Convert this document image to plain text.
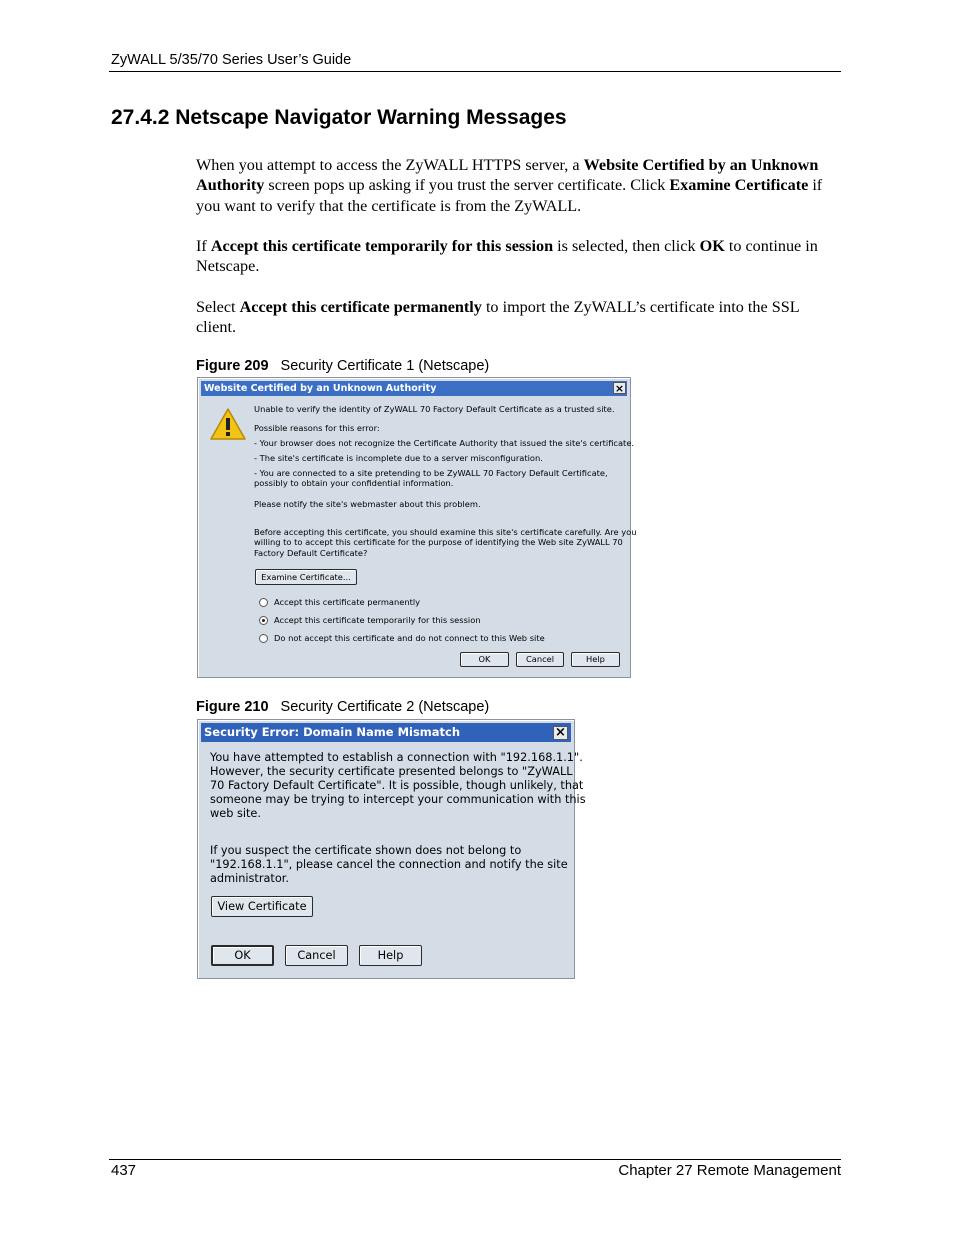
ZyWALL 5/35/70 Series User’s Guide
27.4.2 Netscape Navigator Warning Messages

When you attempt to access the ZyWALL HTTPS server, a Website Certified by an Unknown Authority screen pops up asking if you trust the server certificate. Click Examine Certificate if you want to verify that the certificate is from the ZyWALL.

If Accept this certificate temporarily for this session is selected, then click OK to continue in Netscape.

Select Accept this certificate permanently to import the ZyWALL’s certificate into the SSL client.

Figure 209 Security Certificate 1 (Netscape)
Website Certified by an Unknown Authority	×
Unable to verify the identity of ZyWALL 70 Factory Default Certificate as a trusted site.
Possible reasons for this error:
- Your browser does not recognize the Certificate Authority that issued the site's certificate.
- The site's certificate is incomplete due to a server misconfiguration.
- You are connected to a site pretending to be ZyWALL 70 Factory Default Certificate,
possibly to obtain your confidential information.
Please notify the site's webmaster about this problem.
Before accepting this certificate, you should examine this site's certificate carefully. Are you
willing to to accept this certificate for the purpose of identifying the Web site ZyWALL 70
Factory Default Certificate?
Examine Certificate...
Accept this certificate permanently
Accept this certificate temporarily for this session
Do not accept this certificate and do not connect to this Web site
OK	Cancel	Help
Figure 210 Security Certificate 2 (Netscape)
Security Error: Domain Name Mismatch	×
You have attempted to establish a connection with "192.168.1.1".
However, the security certificate presented belongs to "ZyWALL
70 Factory Default Certificate". It is possible, though unlikely, that
someone may be trying to intercept your communication with this
web site.
If you suspect the certificate shown does not belong to
"192.168.1.1", please cancel the connection and notify the site
administrator.
View Certificate
OK	Cancel	Help
437	Chapter 27 Remote Management
